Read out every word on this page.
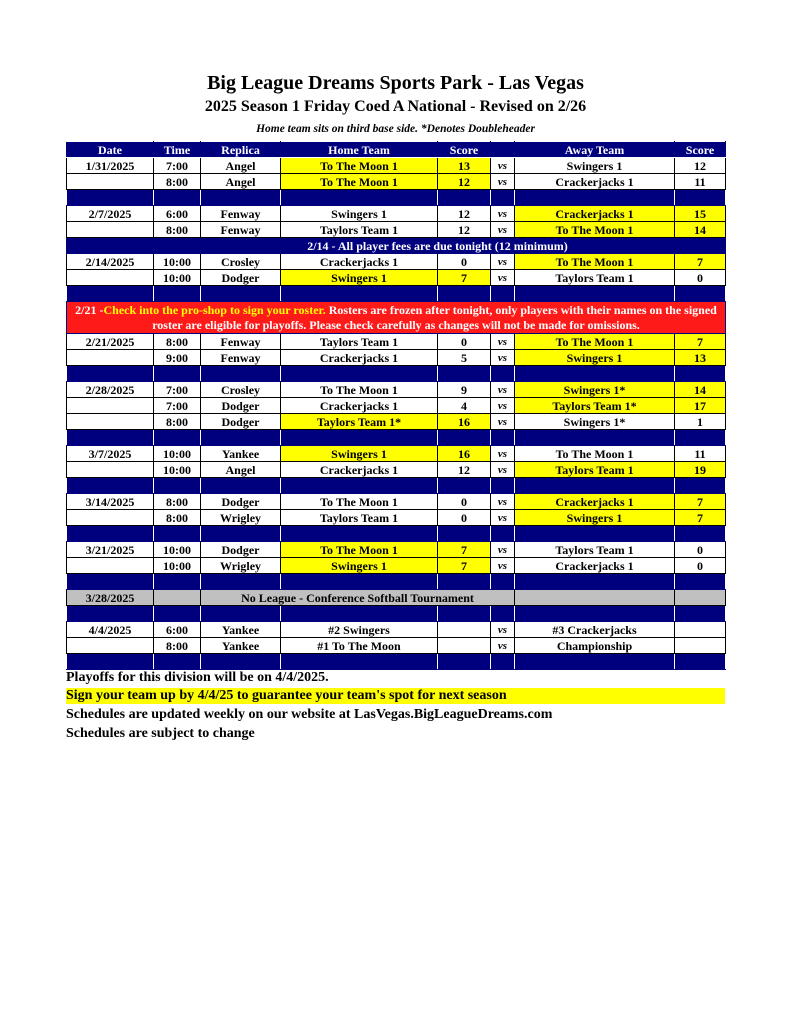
Big League Dreams Sports Park - Las Vegas
2025 Season 1 Friday Coed A National - Revised on 2/26
Home team sits on third base side. *Denotes Doubleheader
Date	Time	Replica	Home Team	Score		Away Team	Score
1/31/2025	7:00	Angel	To The Moon 1	13	vs	Swingers 1	12
	8:00	Angel	To The Moon 1	12	vs	Crackerjacks 1	11

2/7/2025	6:00	Fenway	Swingers 1	12	vs	Crackerjacks 1	15
	8:00	Fenway	Taylors Team 1	12	vs	To The Moon 1	14
		2/14 - All player fees are due tonight (12 minimum)					
2/14/2025	10:00	Crosley	Crackerjacks 1	0	vs	To The Moon 1	7
	10:00	Dodger	Swingers 1	7	vs	Taylors Team 1	0

2/21 -Check into the pro-shop to sign your roster. Rosters are frozen after tonight, only players with their names on the signed roster are eligible for playoffs. Please check carefully as changes will not be made for omissions.							
2/21/2025	8:00	Fenway	Taylors Team 1	0	vs	To The Moon 1	7
	9:00	Fenway	Crackerjacks 1	5	vs	Swingers 1	13

2/28/2025	7:00	Crosley	To The Moon 1	9	vs	Swingers 1*	14
	7:00	Dodger	Crackerjacks 1	4	vs	Taylors Team 1*	17
	8:00	Dodger	Taylors Team 1*	16	vs	Swingers 1*	1

3/7/2025	10:00	Yankee	Swingers 1	16	vs	To The Moon 1	11
	10:00	Angel	Crackerjacks 1	12	vs	Taylors Team 1	19

3/14/2025	8:00	Dodger	To The Moon 1	0	vs	Crackerjacks 1	7
	8:00	Wrigley	Taylors Team 1	0	vs	Swingers 1	7

3/21/2025	10:00	Dodger	To The Moon 1	7	vs	Taylors Team 1	0
	10:00	Wrigley	Swingers 1	7	vs	Crackerjacks 1	0

3/28/2025		No League - Conference Softball Tournament					

4/4/2025	6:00	Yankee	#2 Swingers		vs	#3 Crackerjacks	
	8:00	Yankee	#1 To The Moon		vs	Championship	

Playoffs for this division will be on 4/4/2025.
Sign your team up by 4/4/25 to guarantee your team's spot for next season
Schedules are updated weekly on our website at LasVegas.BigLeagueDreams.com
Schedules are subject to change
